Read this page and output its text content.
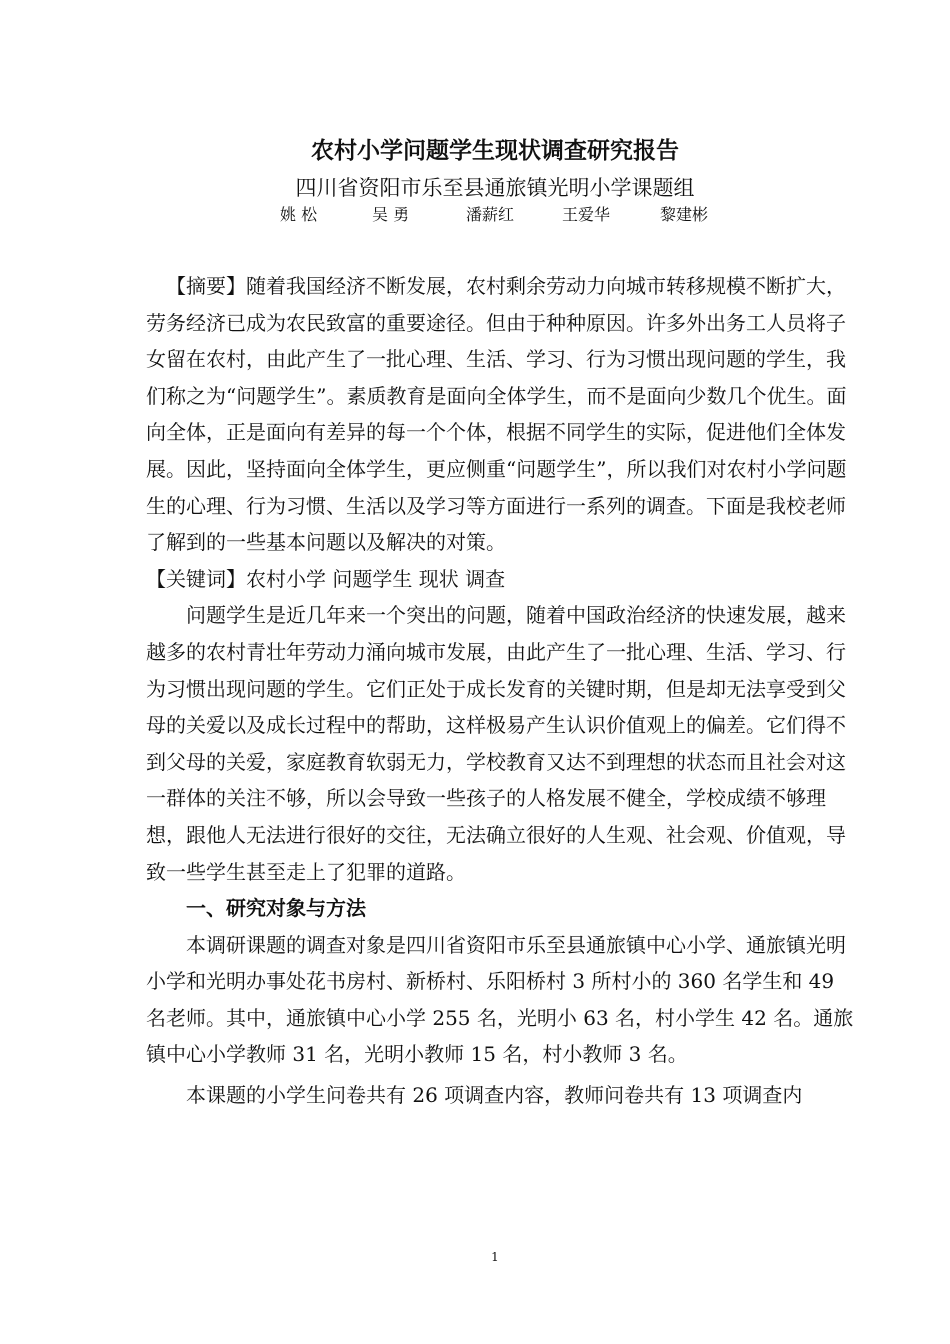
农村小学问题学生现状调查研究报告
四川省资阳市乐至县通旅镇光明小学课题组
姚 松	吴 勇	潘薪红	王爱华	黎建彬

【摘要】随着我国经济不断发展，农村剩余劳动力向城市转移规模不断扩大，劳务经济已成为农民致富的重要途径。但由于种种原因。许多外出务工人员将子女留在农村，由此产生了一批心理、生活、学习、行为习惯出现问题的学生，我们称之为“问题学生”。素质教育是面向全体学生，而不是面向少数几个优生。面向全体，正是面向有差异的每一个个体，根据不同学生的实际，促进他们全体发展。因此，坚持面向全体学生，更应侧重“问题学生”，所以我们对农村小学问题生的心理、行为习惯、生活以及学习等方面进行一系列的调查。下面是我校老师了解到的一些基本问题以及解决的对策。

【关键词】农村小学 问题学生 现状 调查

问题学生是近几年来一个突出的问题，随着中国政治经济的快速发展，越来越多的农村青壮年劳动力涌向城市发展，由此产生了一批心理、生活、学习、行为习惯出现问题的学生。它们正处于成长发育的关键时期，但是却无法享受到父母的关爱以及成长过程中的帮助，这样极易产生认识价值观上的偏差。它们得不到父母的关爱，家庭教育软弱无力，学校教育又达不到理想的状态而且社会对这一群体的关注不够，所以会导致一些孩子的人格发展不健全，学校成绩不够理想，跟他人无法进行很好的交往，无法确立很好的人生观、社会观、价值观，导致一些学生甚至走上了犯罪的道路。

一、研究对象与方法

本调研课题的调查对象是四川省资阳市乐至县通旅镇中心小学、通旅镇光明小学和光明办事处花书房村、新桥村、乐阳桥村 3 所村小的 360 名学生和 49 名老师。其中，通旅镇中心小学 255 名，光明小 63 名，村小学生 42 名。通旅镇中心小学教师 31 名，光明小教师 15 名，村小教师 3 名。

本课题的小学生问卷共有 26 项调查内容，教师问卷共有 13 项调查内

1
